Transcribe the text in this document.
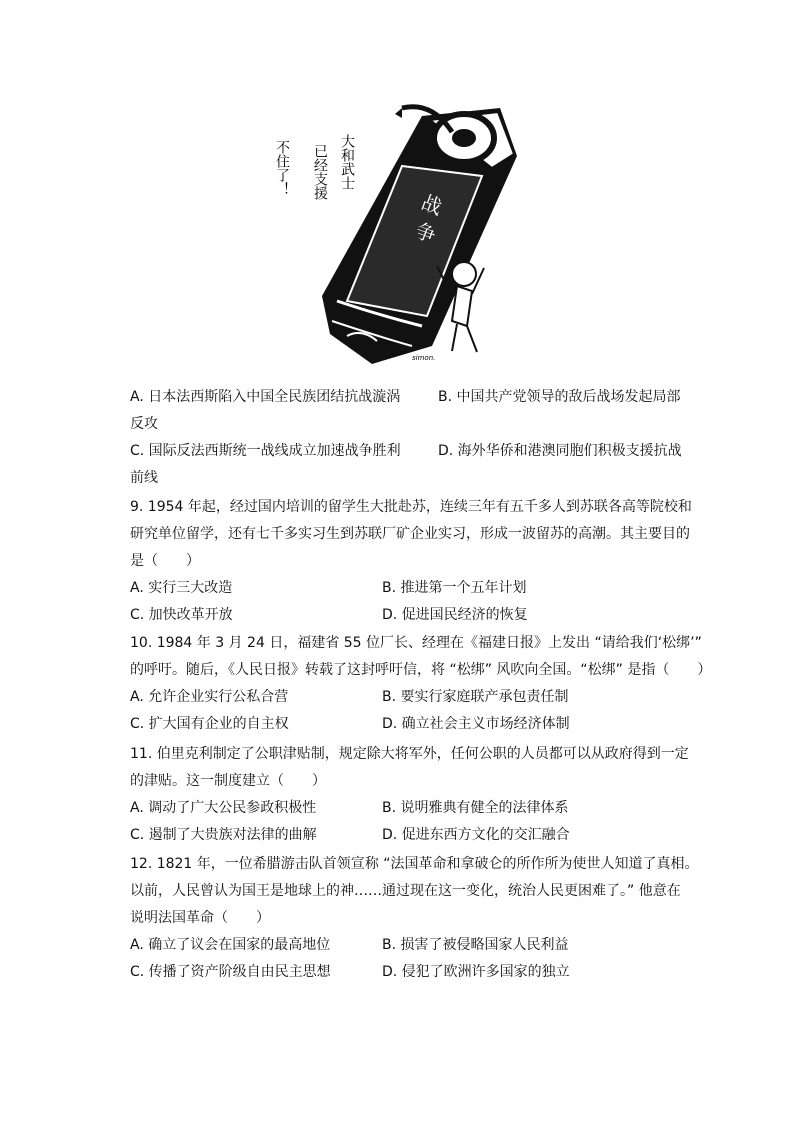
战
争
大和武士
已经支援
不住了！
simon.
A. 日本法西斯陷入中国全民族团结抗战漩涡	B. 中国共产党领导的敌后战场发起局部
反攻
C. 国际反法西斯统一战线成立加速战争胜利	D. 海外华侨和港澳同胞们积极支援抗战
前线
9. 1954 年起，经过国内培训的留学生大批赴苏，连续三年有五千多人到苏联各高等院校和
研究单位留学，还有七千多实习生到苏联厂矿企业实习，形成一波留苏的高潮。其主要目的
是（　　）
A. 实行三大改造	B. 推进第一个五年计划
C. 加快改革开放	D. 促进国民经济的恢复
10. 1984 年 3 月 24 日，福建省 55 位厂长、经理在《福建日报》上发出 “请给我们‘松绑’”
的呼吁。随后，《人民日报》转载了这封呼吁信，将 “松绑” 风吹向全国。“松绑” 是指（　　）
A. 允许企业实行公私合营	B. 要实行家庭联产承包责任制
C. 扩大国有企业的自主权	D. 确立社会主义市场经济体制
11. 伯里克利制定了公职津贴制，规定除大将军外，任何公职的人员都可以从政府得到一定
的津贴。这一制度建立（　　）
A. 调动了广大公民参政积极性	B. 说明雅典有健全的法律体系
C. 遏制了大贵族对法律的曲解	D. 促进东西方文化的交汇融合
12. 1821 年，一位希腊游击队首领宣称 “法国革命和拿破仑的所作所为使世人知道了真相。
以前，人民曾认为国王是地球上的神……通过现在这一变化，统治人民更困难了。” 他意在
说明法国革命（　　）
A. 确立了议会在国家的最高地位	B. 损害了被侵略国家人民利益
C. 传播了资产阶级自由民主思想	D. 侵犯了欧洲许多国家的独立
